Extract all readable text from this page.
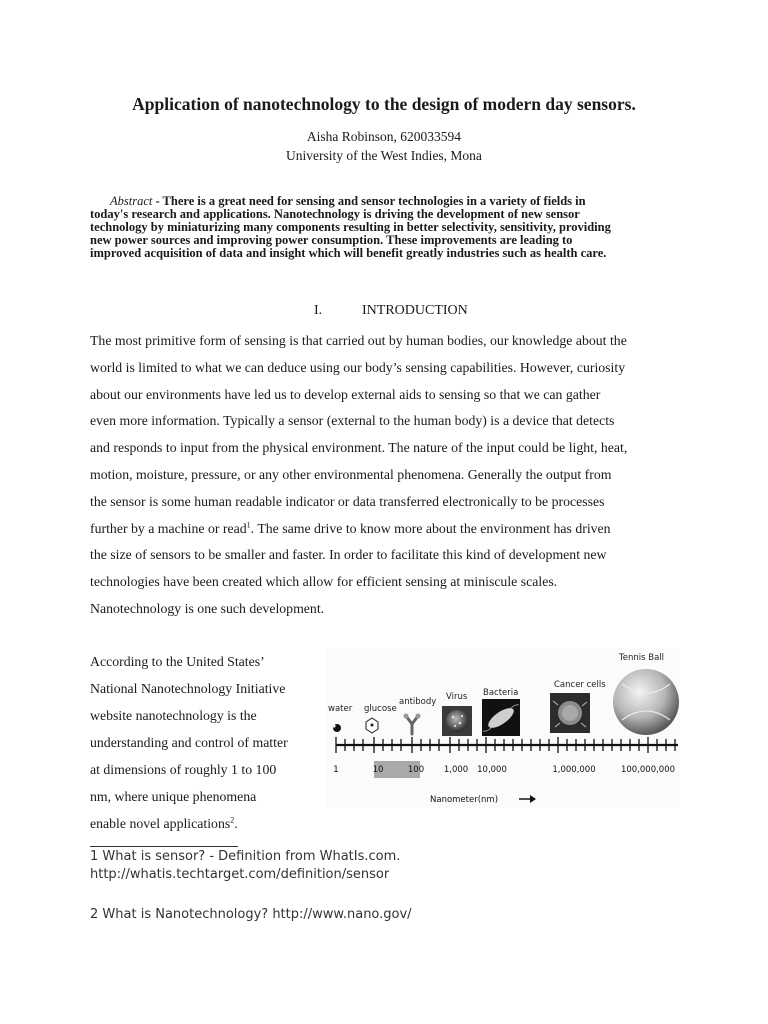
Application of nanotechnology to the design of modern day sensors.
Aisha Robinson, 620033594
University of the West Indies, Mona
Abstract - There is a great need for sensing and sensor technologies in a variety of fields in
today's research and applications. Nanotechnology is driving the development of new sensor
technology by miniaturizing many components resulting in better selectivity, sensitivity, providing
new power sources and improving power consumption. These improvements are leading to
improved acquisition of data and insight which will benefit greatly industries such as health care.
I.	INTRODUCTION
The most primitive form of sensing is that carried out by human bodies, our knowledge about the
world is limited to what we can deduce using our body’s sensing capabilities. However, curiosity
about our environments have led us to develop external aids to sensing so that we can gather
even more information. Typically a sensor (external to the human body) is a device that detects
and responds to input from the physical environment. The nature of the input could be light, heat,
motion, moisture, pressure, or any other environmental phenomena. Generally the output from
the sensor is some human readable indicator or data transferred electronically to be processes
further by a machine or read$^1$. The same drive to know more about the environment has driven
the size of sensors to be smaller and faster. In order to facilitate this kind of development new
technologies have been created which allow for efficient sensing at miniscule scales.
Nanotechnology is one such development.
According to the United States’
National Nanotechnology Initiative
website nanotechnology is the
understanding and control of matter
at dimensions of roughly 1 to 100
nm, where unique phenomena
enable novel applications$^2$.
water glucose
antibody Virus Bacteria
Cancer cells
Tennis Ball
1	10	100 1,000 10,000	1,000,000	100,000,000
Nanometer(nm)
1 What is sensor? - Definition from WhatIs.com.
http://whatis.techtarget.com/definition/sensor
2 What is Nanotechnology? http://www.nano.gov/
